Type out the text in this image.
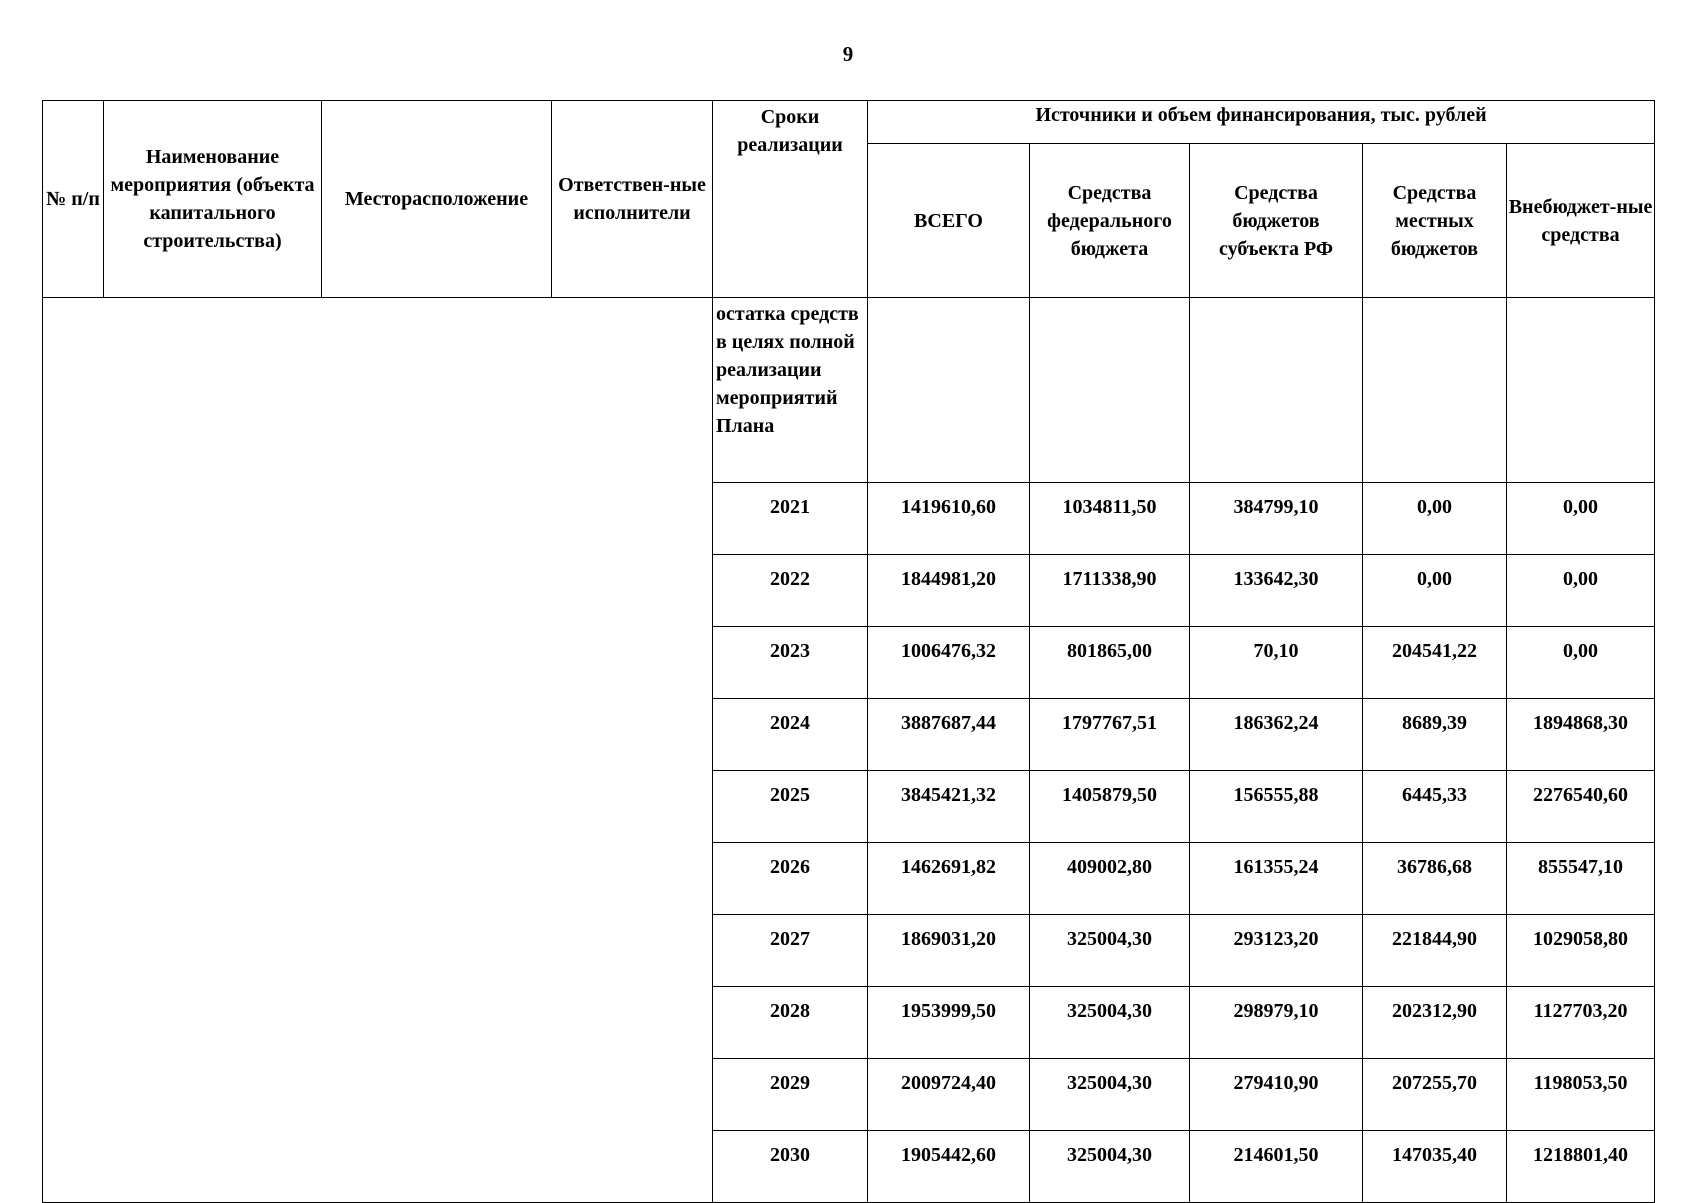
9
№ п/п	Наименование мероприятия (объекта капитального строительства)	Месторасположение	Ответствен-ные исполнители	Сроки реализации	Источники и объем финансирования, тыс. рублей				
					ВСЕГО	Средства федерального бюджета	Средства бюджетов субъекта РФ	Средства местных бюджетов	Внебюджет-ные средства
				остатка средств в целях полной реализации мероприятий Плана					
				2021	1419610,60	1034811,50	384799,10	0,00	0,00
				2022	1844981,20	1711338,90	133642,30	0,00	0,00
				2023	1006476,32	801865,00	70,10	204541,22	0,00
				2024	3887687,44	1797767,51	186362,24	8689,39	1894868,30
				2025	3845421,32	1405879,50	156555,88	6445,33	2276540,60
				2026	1462691,82	409002,80	161355,24	36786,68	855547,10
				2027	1869031,20	325004,30	293123,20	221844,90	1029058,80
				2028	1953999,50	325004,30	298979,10	202312,90	1127703,20
				2029	2009724,40	325004,30	279410,90	207255,70	1198053,50
				2030	1905442,60	325004,30	214601,50	147035,40	1218801,40
